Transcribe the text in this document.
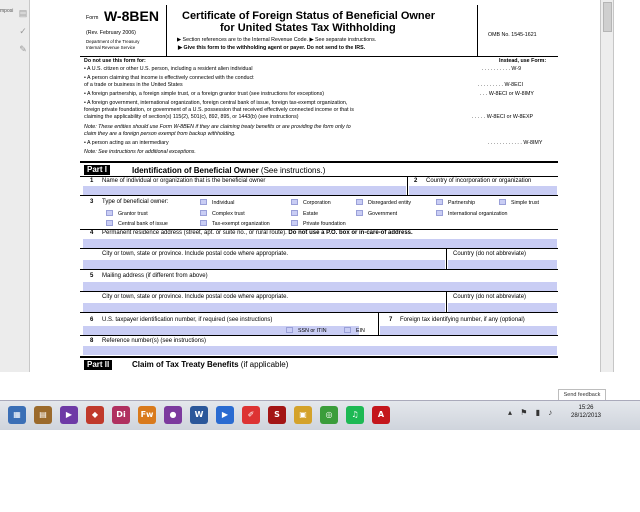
mposi ▤
✓
✎
Form W-8BEN
(Rev. February 2006)
Department of the Treasury
Internal Revenue Service
Certificate of Foreign Status of Beneficial Owner
for United States Tax Withholding
▶ Section references are to the Internal Revenue Code. ▶ See separate instructions.
▶ Give this form to the withholding agent or payer. Do not send to the IRS.
OMB No. 1545-1621
Do not use this form for:	Instead, use Form:
• A U.S. citizen or other U.S. person, including a resident alien individual	. . . . . . . . . . W-9
• A person claiming that income is effectively connected with the conduct
of a trade or business in the United States	. . . . . . . . . W-8ECI
• A foreign partnership, a foreign simple trust, or a foreign grantor trust (see instructions for exceptions)	. . . W-8ECI or W-8IMY
• A foreign government, international organization, foreign central bank of issue, foreign tax-exempt organization,
foreign private foundation, or government of a U.S. possession that received effectively connected income or that is
claiming the applicability of section(s) 115(2), 501(c), 892, 895, or 1443(b) (see instructions)	. . . . . W-8ECI or W-8EXP
Note: These entities should use Form W-8BEN if they are claiming treaty benefits or are providing the form only to
claim they are a foreign person exempt from backup withholding.
• A person acting as an intermediary	. . . . . . . . . . . . W-8IMY
Note: See instructions for additional exceptions.
Part I	Identification of Beneficial Owner (See instructions.)
1 Name of individual or organization that is the beneficial owner	2 Country of incorporation or organization
3 Type of beneficial owner:	Individual	Corporation	Disregarded entity	Partnership	Simple trust
Grantor trust	Complex trust	Estate	Government	International organization
Central bank of issue	Tax-exempt organization	Private foundation
4 Permanent residence address (street, apt. or suite no., or rural route). Do not use a P.O. box or in-care-of address.
City or town, state or province. Include postal code where appropriate.	Country (do not abbreviate)
5 Mailing address (if different from above)
City or town, state or province. Include postal code where appropriate.	Country (do not abbreviate)
6 U.S. taxpayer identification number, if required (see instructions)
SSN or ITIN	EIN
7 Foreign tax identifying number, if any (optional)
8 Reference number(s) (see instructions)
Part II	Claim of Tax Treaty Benefits (if applicable)
Send feedback
▦	▤	▶	◆	Di	Fw	●	W	▶	✐	S	▣	◎	♫	A	▴ ⚑ ▮ ♪	15:26
28/12/2013
